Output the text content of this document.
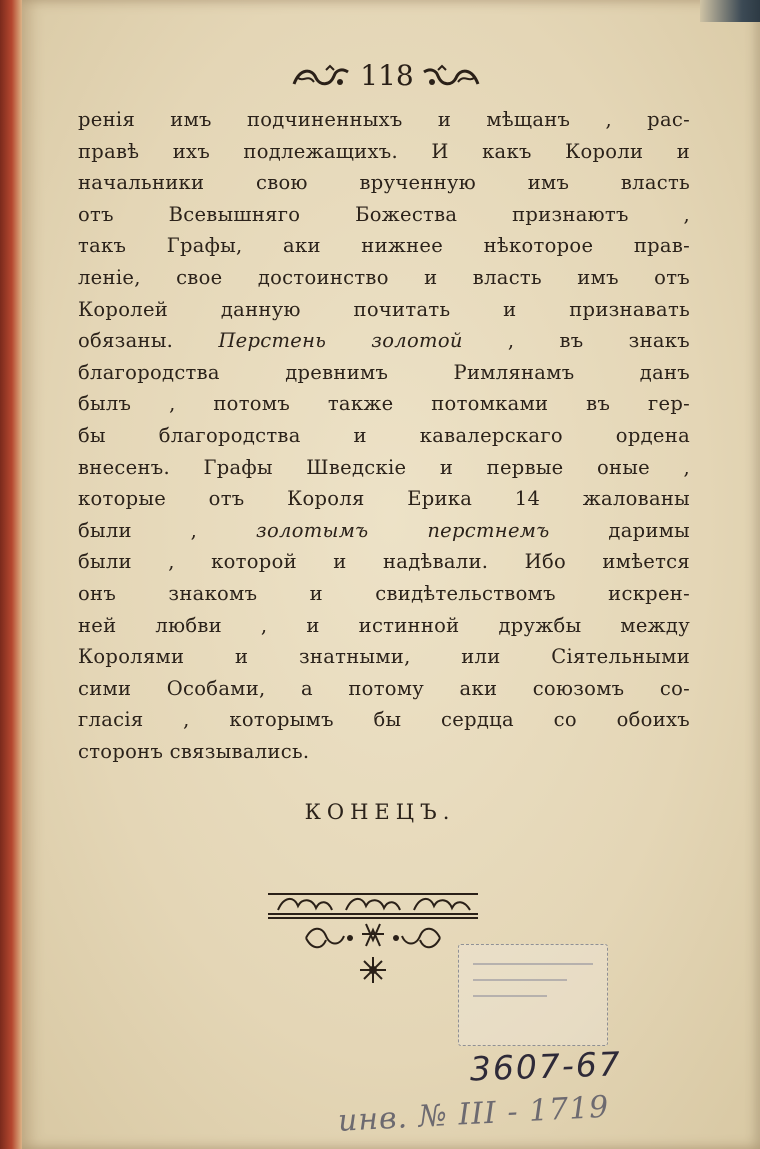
118
ренія имъ подчиненныхъ и мѣщанъ , рас-
правѣ ихъ подлежащихъ. И какъ Короли и
начальники свою врученную имъ власть
отъ Всевышняго Божества признаютъ ,
такъ Графы, аки нижнее нѣкоторое прав-
леніе, свое достоинство и власть имъ отъ
Королей данную почитать и признавать
обязаны. Перстень золотой , въ знакъ
благородства древнимъ Римлянамъ данъ
былъ , потомъ также потомками въ гер-
бы благородства и кавалерскаго ордена
внесенъ. Графы Шведскіе и первые оные ,
которые отъ Короля Ерика 14 жалованы
были , золотымъ перстнемъ даримы
были , которой и надѣвали. Ибо имѣется
онъ знакомъ и свидѣтельствомъ искрен-
ней любви , и истинной дружбы между
Королями и знатными, или Сіятельными
сими Особами, а потому аки союзомъ со-
гласія , которымъ бы сердца со обоихъ
сторонъ связывались.
КОНЕЦЪ.
3607-67
инв. № III - 1719
